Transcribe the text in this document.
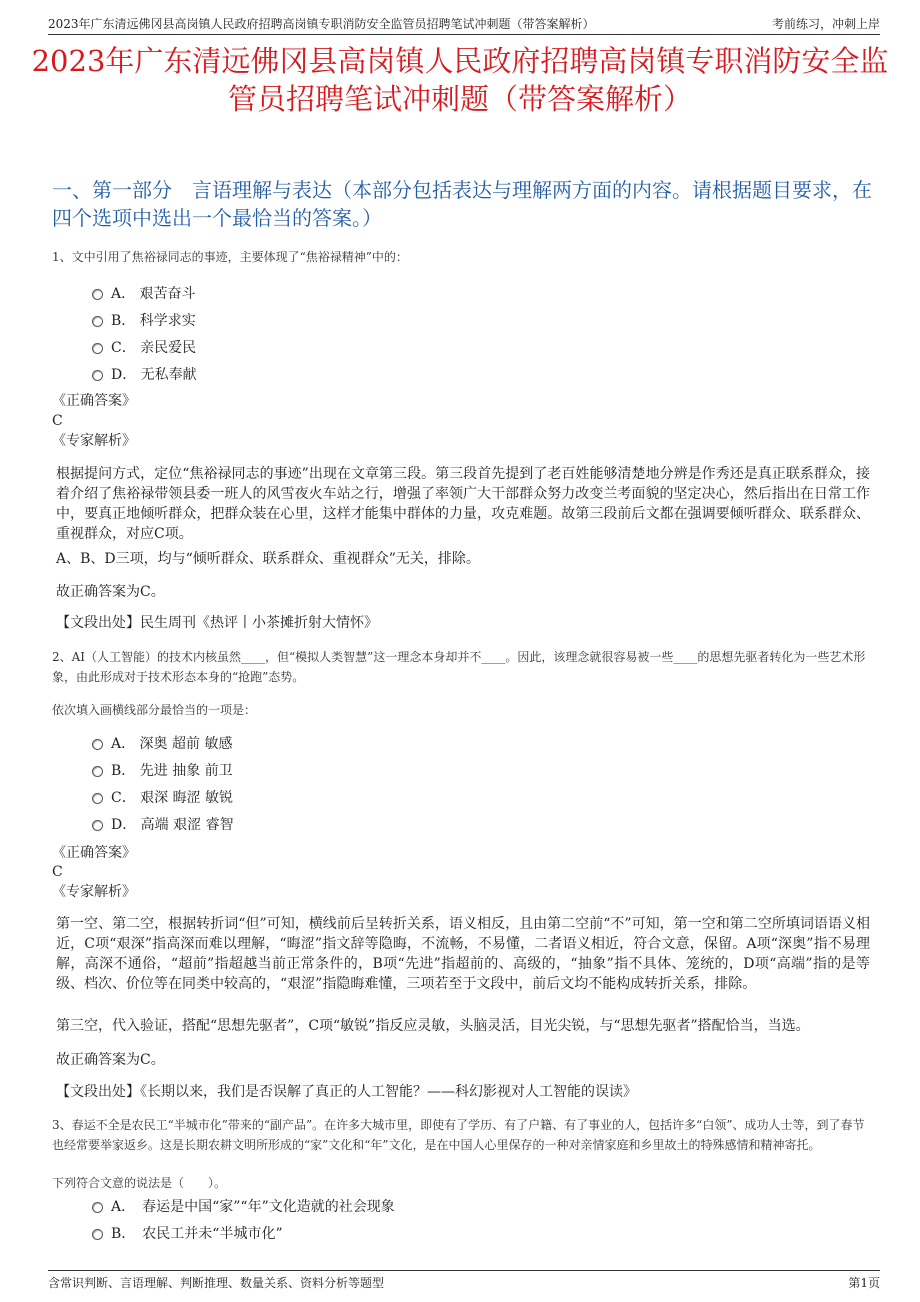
2023年广东清远佛冈县高岗镇人民政府招聘高岗镇专职消防安全监管员招聘笔试冲刺题（带答案解析）	考前练习，冲刺上岸
2023年广东清远佛冈县高岗镇人民政府招聘高岗镇专职消防安全监管员招聘笔试冲刺题（带答案解析）
一、第一部分　言语理解与表达（本部分包括表达与理解两方面的内容。请根据题目要求，在四个选项中选出一个最恰当的答案。）
1、文中引用了焦裕禄同志的事迹，主要体现了“焦裕禄精神”中的：
A． 艰苦奋斗
B． 科学求实
C． 亲民爱民
D． 无私奉献
《正确答案》
C
《专家解析》
根据提问方式，定位“焦裕禄同志的事迹”出现在文章第三段。第三段首先提到了老百姓能够清楚地分辨是作秀还是真正联系群众，接着介绍了焦裕禄带领县委一班人的风雪夜火车站之行，增强了率领广大干部群众努力改变兰考面貌的坚定决心，然后指出在日常工作中，要真正地倾听群众，把群众装在心里，这样才能集中群体的力量，攻克难题。故第三段前后文都在强调要倾听群众、联系群众、重视群众，对应C项。
A、B、D三项，均与“倾听群众、联系群众、重视群众”无关，排除。
故正确答案为C。
【文段出处】民生周刊《热评丨小茶摊折射大情怀》
2、AI（人工智能）的技术内核虽然____，但“模拟人类智慧”这一理念本身却并不____。因此，该理念就很容易被一些____的思想先驱者转化为一些艺术形象，由此形成对于技术形态本身的“抢跑”态势。
依次填入画横线部分最恰当的一项是：
A． 深奥 超前 敏感
B． 先进 抽象 前卫
C． 艰深 晦涩 敏锐
D． 高端 艰涩 睿智
《正确答案》
C
《专家解析》
第一空、第二空，根据转折词“但”可知，横线前后呈转折关系，语义相反，且由第二空前“不”可知，第一空和第二空所填词语语义相近，C项“艰深”指高深而难以理解，“晦涩”指文辞等隐晦，不流畅，不易懂，二者语义相近，符合文意，保留。A项“深奥”指不易理解，高深不通俗，“超前”指超越当前正常条件的，B项“先进”指超前的、高级的，“抽象”指不具体、笼统的，D项“高端”指的是等级、档次、价位等在同类中较高的，“艰涩”指隐晦难懂，三项若至于文段中，前后文均不能构成转折关系，排除。
第三空，代入验证，搭配“思想先驱者”，C项“敏锐”指反应灵敏，头脑灵活，目光尖锐，与“思想先驱者”搭配恰当，当选。
故正确答案为C。
【文段出处】《长期以来，我们是否误解了真正的人工智能？——科幻影视对人工智能的误读》
3、春运不全是农民工“半城市化”带来的“副产品”。在许多大城市里，即使有了学历、有了户籍、有了事业的人，包括许多“白领”、成功人士等，到了春节也经常要举家返乡。这是长期农耕文明所形成的“家”文化和“年”文化，是在中国人心里保存的一种对亲情家庭和乡里故土的特殊感情和精神寄托。
下列符合文意的说法是（　　）。
A．　春运是中国“家”“年”文化造就的社会现象
B．　农民工并未“半城市化”
含常识判断、言语理解、判断推理、数量关系、资料分析等题型	第1页
